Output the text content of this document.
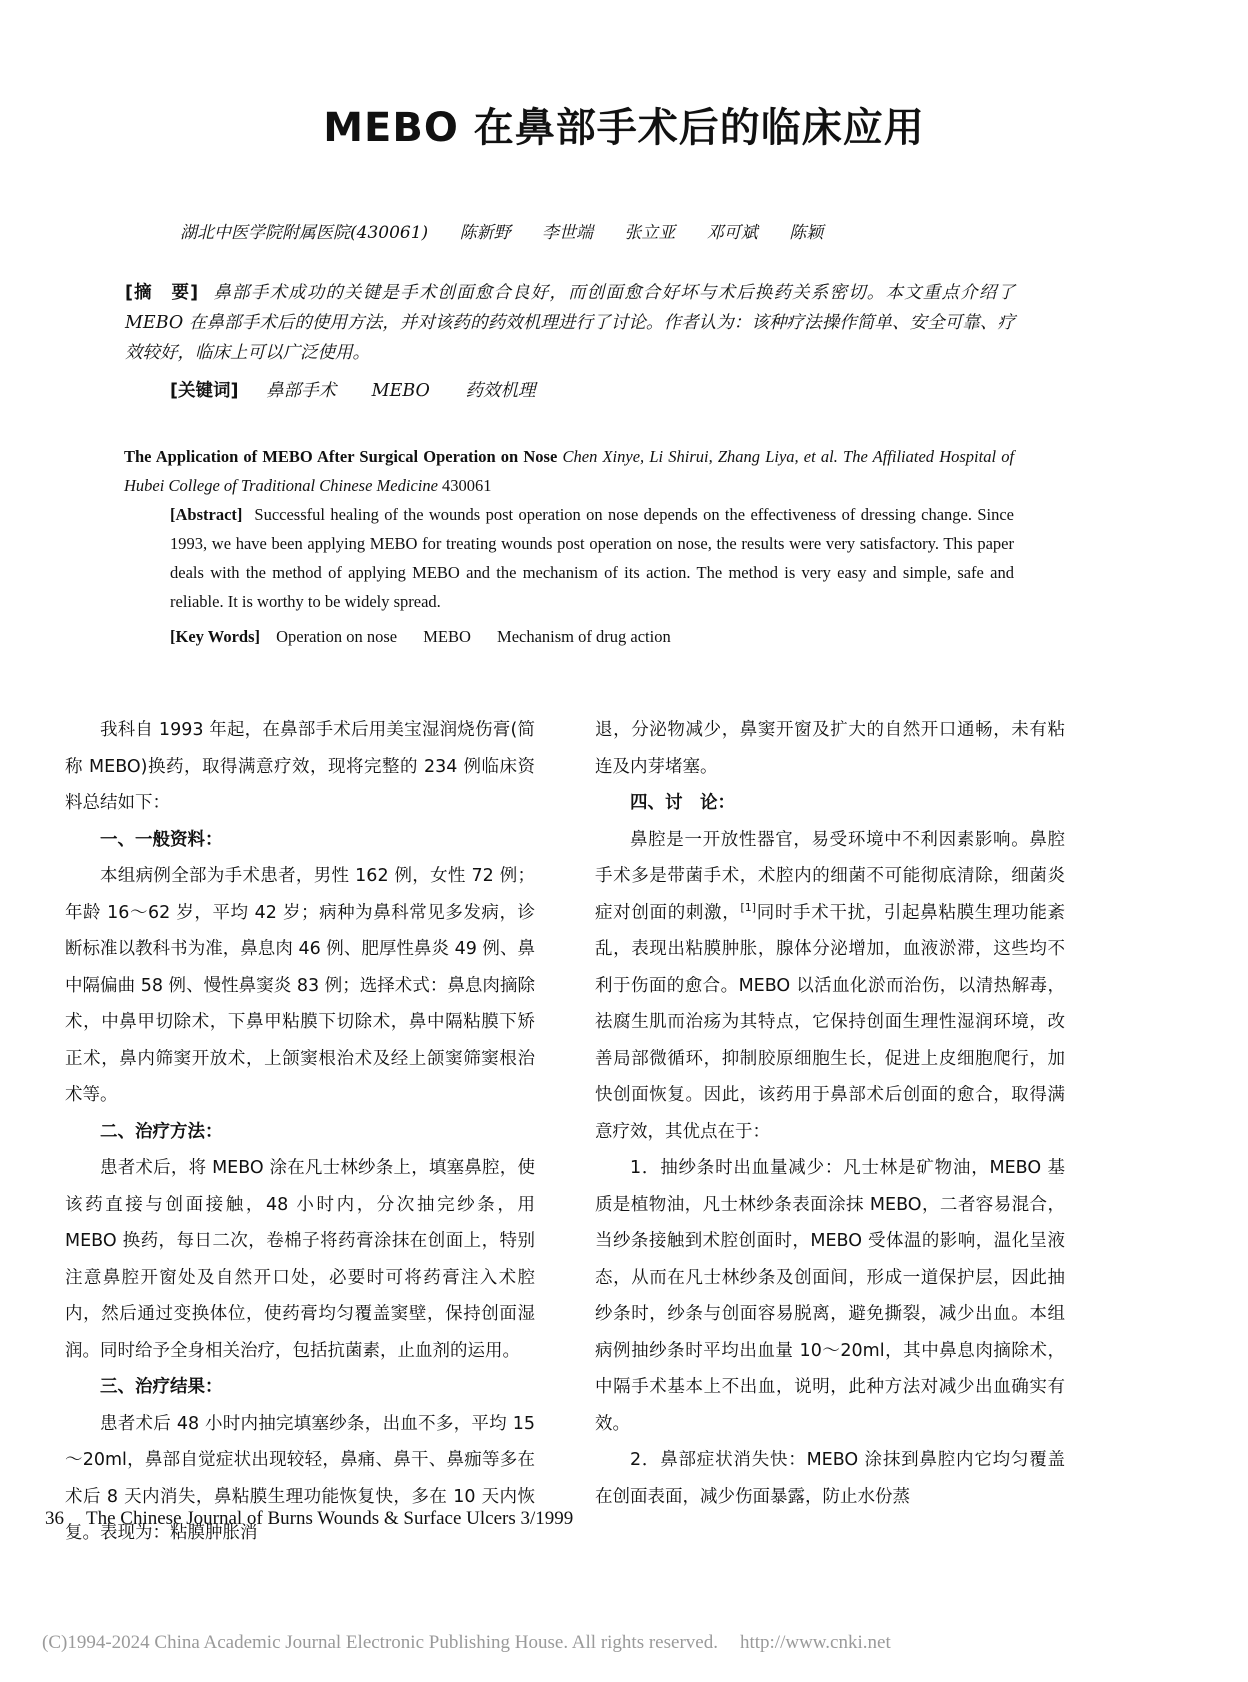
MEBO 在鼻部手术后的临床应用
湖北中医学院附属医院(430061) 陈新野 李世端 张立亚 邓可斌 陈颖
[摘　要] 鼻部手术成功的关键是手术创面愈合良好，而创面愈合好坏与术后换药关系密切。本文重点介绍了 MEBO 在鼻部手术后的使用方法，并对该药的药效机理进行了讨论。作者认为：该种疗法操作简单、安全可靠、疗效较好，临床上可以广泛使用。
[关键词] 鼻部手术 MEBO 药效机理
The Application of MEBO After Surgical Operation on Nose Chen Xinye, Li Shirui, Zhang Liya, et al. The Affiliated Hospital of Hubei College of Traditional Chinese Medicine 430061
[Abstract] Successful healing of the wounds post operation on nose depends on the effectiveness of dressing change. Since 1993, we have been applying MEBO for treating wounds post operation on nose, the results were very satisfactory. This paper deals with the method of applying MEBO and the mechanism of its action. The method is very easy and simple, safe and reliable. It is worthy to be widely spread.
[Key Words] Operation on nose MEBO Mechanism of drug action

我科自 1993 年起，在鼻部手术后用美宝湿润烧伤膏(简称 MEBO)换药，取得满意疗效，现将完整的 234 例临床资料总结如下：

一、一般资料：

本组病例全部为手术患者，男性 162 例，女性 72 例；年龄 16～62 岁，平均 42 岁；病种为鼻科常见多发病，诊断标准以教科书为准，鼻息肉 46 例、肥厚性鼻炎 49 例、鼻中隔偏曲 58 例、慢性鼻窦炎 83 例；选择术式：鼻息肉摘除术，中鼻甲切除术，下鼻甲粘膜下切除术，鼻中隔粘膜下矫正术，鼻内筛窦开放术，上颌窦根治术及经上颌窦筛窦根治术等。

二、治疗方法：

患者术后，将 MEBO 涂在凡士林纱条上，填塞鼻腔，使该药直接与创面接触，48 小时内，分次抽完纱条，用 MEBO 换药，每日二次，卷棉子将药膏涂抹在创面上，特别注意鼻腔开窗处及自然开口处，必要时可将药膏注入术腔内，然后通过变换体位，使药膏均匀覆盖窦壁，保持创面湿润。同时给予全身相关治疗，包括抗菌素，止血剂的运用。

三、治疗结果：

患者术后 48 小时内抽完填塞纱条，出血不多，平均 15～20ml，鼻部自觉症状出现较轻，鼻痛、鼻干、鼻痂等多在术后 8 天内消失，鼻粘膜生理功能恢复快，多在 10 天内恢复。表现为：粘膜肿胀消

退，分泌物减少，鼻窦开窗及扩大的自然开口通畅，未有粘连及内芽堵塞。

四、讨　论：

鼻腔是一开放性器官，易受环境中不利因素影响。鼻腔手术多是带菌手术，术腔内的细菌不可能彻底清除，细菌炎症对创面的刺激，[1]同时手术干扰，引起鼻粘膜生理功能紊乱，表现出粘膜肿胀，腺体分泌增加，血液淤滞，这些均不利于伤面的愈合。MEBO 以活血化淤而治伤，以清热解毒，祛腐生肌而治疡为其特点，它保持创面生理性湿润环境，改善局部微循环，抑制胶原细胞生长，促进上皮细胞爬行，加快创面恢复。因此，该药用于鼻部术后创面的愈合，取得满意疗效，其优点在于：

1．抽纱条时出血量减少：凡士林是矿物油，MEBO 基质是植物油，凡士林纱条表面涂抹 MEBO，二者容易混合，当纱条接触到术腔创面时，MEBO 受体温的影响，温化呈液态，从而在凡士林纱条及创面间，形成一道保护层，因此抽纱条时，纱条与创面容易脱离，避免撕裂，减少出血。本组病例抽纱条时平均出血量 10～20ml，其中鼻息肉摘除术，中隔手术基本上不出血，说明，此种方法对减少出血确实有效。

2．鼻部症状消失快：MEBO 涂抹到鼻腔内它均匀覆盖在创面表面，减少伤面暴露，防止水份蒸

36 The Chinese Journal of Burns Wounds & Surface Ulcers 3/1999
(C)1994-2024 China Academic Journal Electronic Publishing House. All rights reserved. http://www.cnki.net
